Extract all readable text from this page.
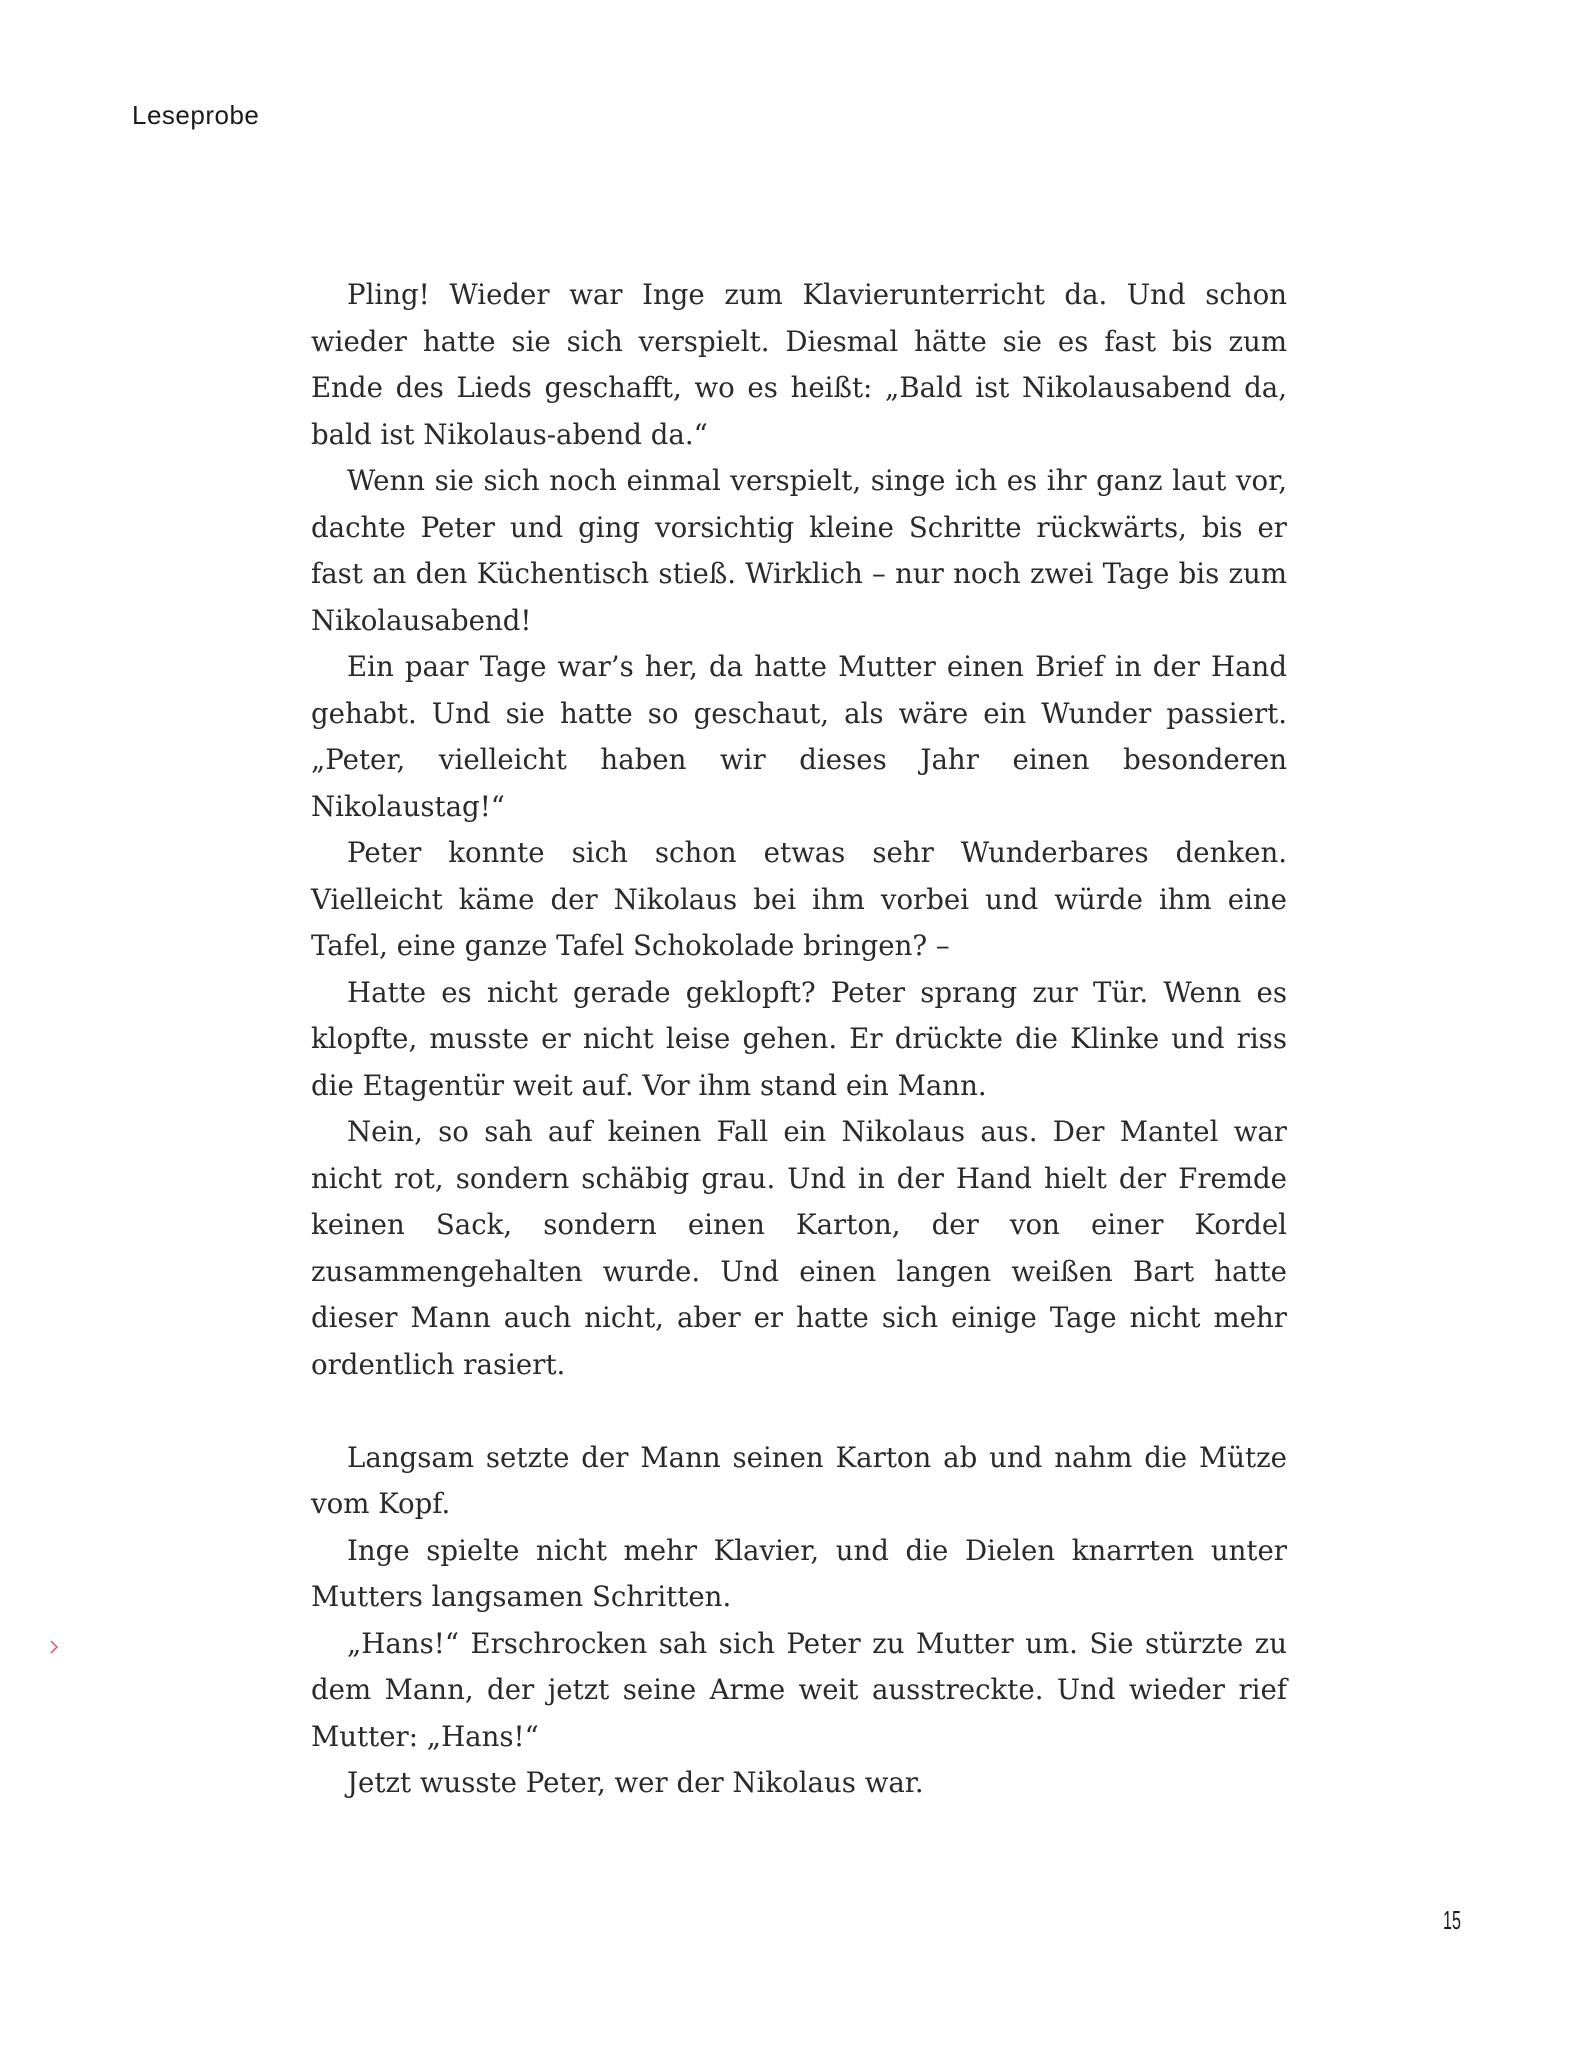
Leseprobe

Pling! Wieder war Inge zum Klavierunterricht da. Und schon wieder hatte sie sich verspielt. Diesmal hätte sie es fast bis zum Ende des Lieds geschafft, wo es heißt: „Bald ist Nikolausabend da, bald ist Nikolaus-abend da.“

Wenn sie sich noch einmal verspielt, singe ich es ihr ganz laut vor, dachte Peter und ging vorsichtig kleine Schritte rückwärts, bis er fast an den Küchentisch stieß. Wirklich – nur noch zwei Tage bis zum Nikolausabend!

Ein paar Tage war’s her, da hatte Mutter einen Brief in der Hand gehabt. Und sie hatte so geschaut, als wäre ein Wunder passiert. „Peter, vielleicht haben wir dieses Jahr einen besonderen Nikolaustag!“

Peter konnte sich schon etwas sehr Wunderbares denken. Vielleicht käme der Nikolaus bei ihm vorbei und würde ihm eine Tafel, eine ganze Tafel Schokolade bringen? –

Hatte es nicht gerade geklopft? Peter sprang zur Tür. Wenn es klopfte, musste er nicht leise gehen. Er drückte die Klinke und riss die Etagentür weit auf. Vor ihm stand ein Mann.

Nein, so sah auf keinen Fall ein Nikolaus aus. Der Mantel war nicht rot, sondern schäbig grau. Und in der Hand hielt der Fremde keinen Sack, sondern einen Karton, der von einer Kordel zusammengehalten wurde. Und einen langen weißen Bart hatte dieser Mann auch nicht, aber er hatte sich einige Tage nicht mehr ordentlich rasiert.

Langsam setzte der Mann seinen Karton ab und nahm die Mütze vom Kopf.

Inge spielte nicht mehr Klavier, und die Dielen knarrten unter Mutters langsamen Schritten.

„Hans!“ Erschrocken sah sich Peter zu Mutter um. Sie stürzte zu dem Mann, der jetzt seine Arme weit ausstreckte. Und wieder rief Mutter: „Hans!“

Jetzt wusste Peter, wer der Nikolaus war.

15
